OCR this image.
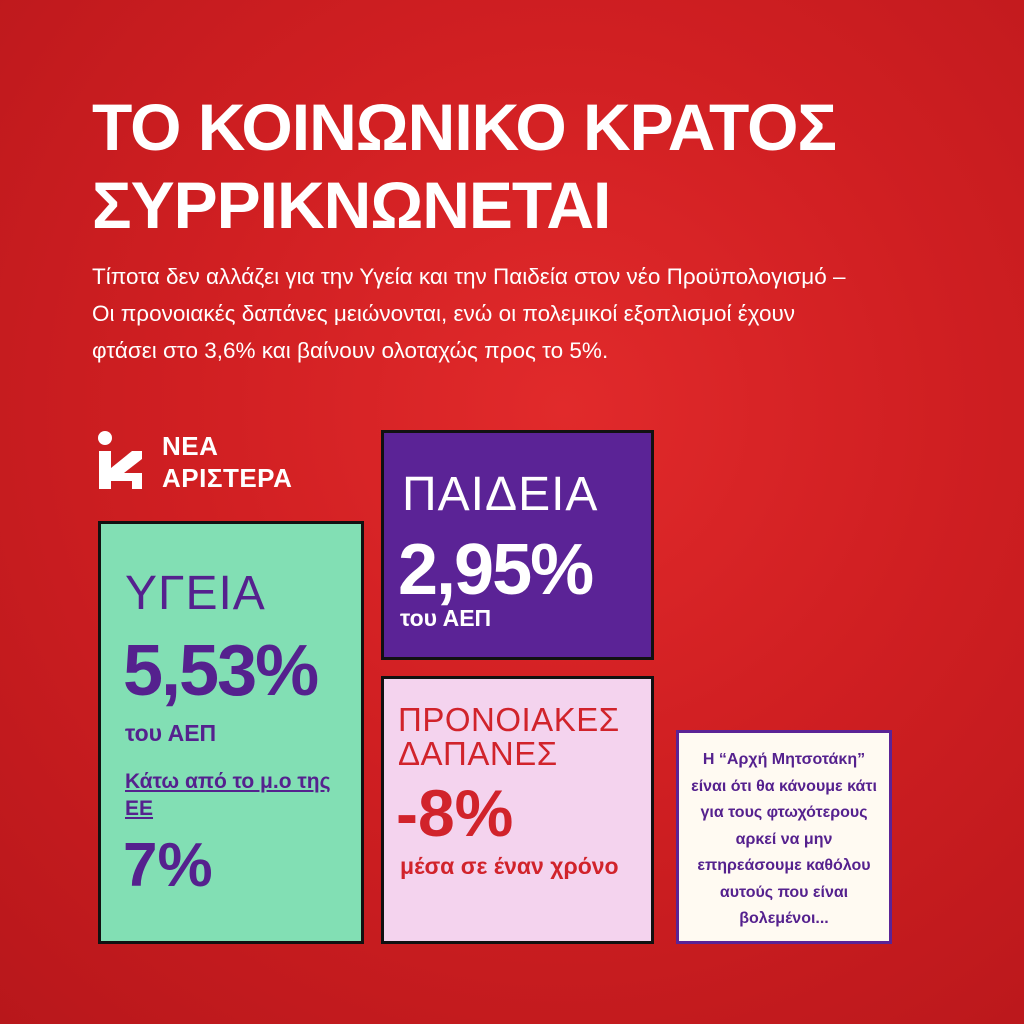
ΤΟ ΚΟΙΝΩΝΙΚΟ ΚΡΑΤΟΣ
ΣΥΡΡΙΚΝΩΝΕΤΑΙ

Τίποτα δεν αλλάζει για την Υγεία και την Παιδεία στον νέο Προϋπολογισμό – Οι προνοιακές δαπάνες μειώνονται, ενώ οι πολεμικοί εξοπλισμοί έχουν φτάσει στο 3,6% και βαίνουν ολοταχώς προς το 5%.

ΝΕΑ
ΑΡΙΣΤΕΡΑ
ΥΓΕΙΑ
5,53%
του ΑΕΠ
Κάτω από το μ.ο της ΕΕ
7%
ΠΑΙΔΕΙΑ
2,95%
του ΑΕΠ
ΠΡΟΝΟΙΑΚΕΣ ΔΑΠΑΝΕΣ
-8%
μέσα σε έναν χρόνο
Η “Αρχή Μητσοτάκη” είναι ότι θα κάνουμε κάτι για τους φτωχότερους αρκεί να μην επηρεάσουμε καθόλου αυτούς που είναι βολεμένοι...
